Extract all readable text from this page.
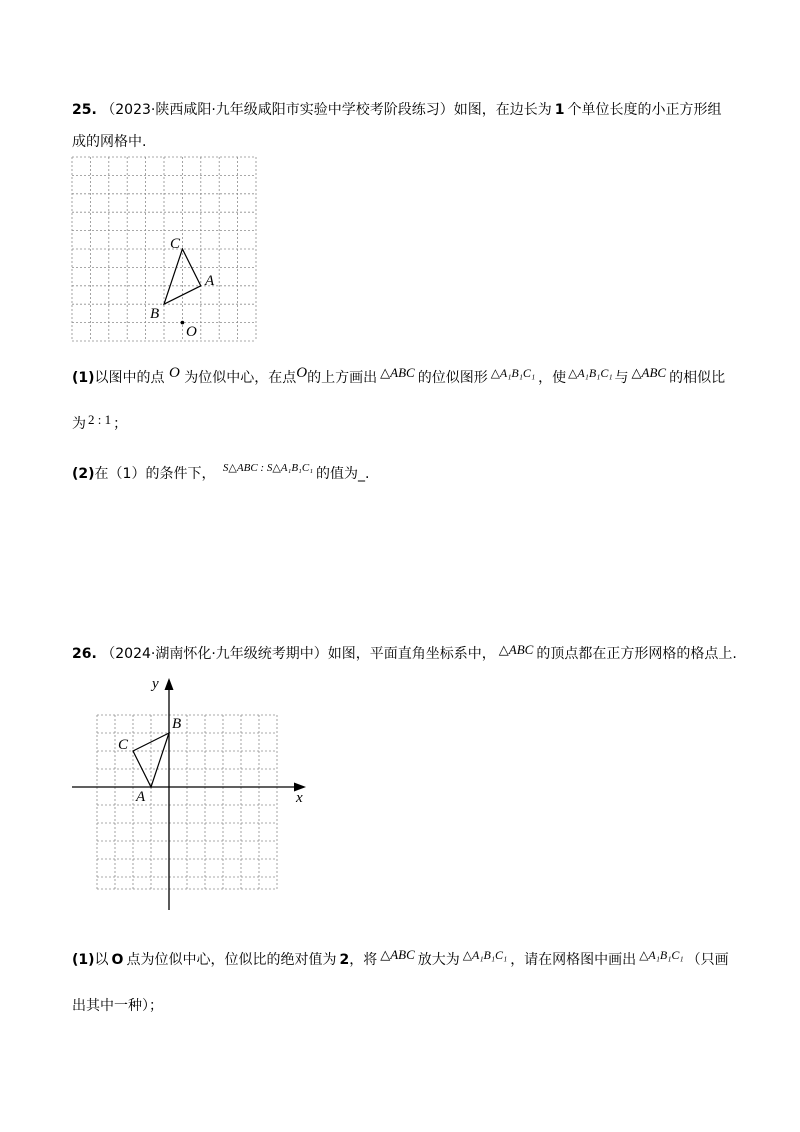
25. （2023·陕西咸阳·九年级咸阳市实验中学校考阶段练习）如图，在边长为 1 个单位长度的小正方形组
成的网格中.
C
A
B
O
(1)以图中的点 O 为位似中心，在点O的上方画出 △ABC 的位似图形 △A₁B₁C₁ ，使 △A₁B₁C₁ 与 △ABC 的相似比
为 2 : 1 ；
(2)在（1）的条件下， $^{S\triangle ABC : S\triangle A_1B_1C_1}$ 的值为_.
26. （2024·湖南怀化·九年级统考期中）如图，平面直角坐标系中， △ABC 的顶点都在正方形网格的格点上.
y
x
B
C
A
(1)以 O 点为位似中心，位似比的绝对值为 2，将 △ABC 放大为 △A₁B₁C₁ ，请在网格图中画出 △A₁B₁C₁ （只画
出其中一种）；
